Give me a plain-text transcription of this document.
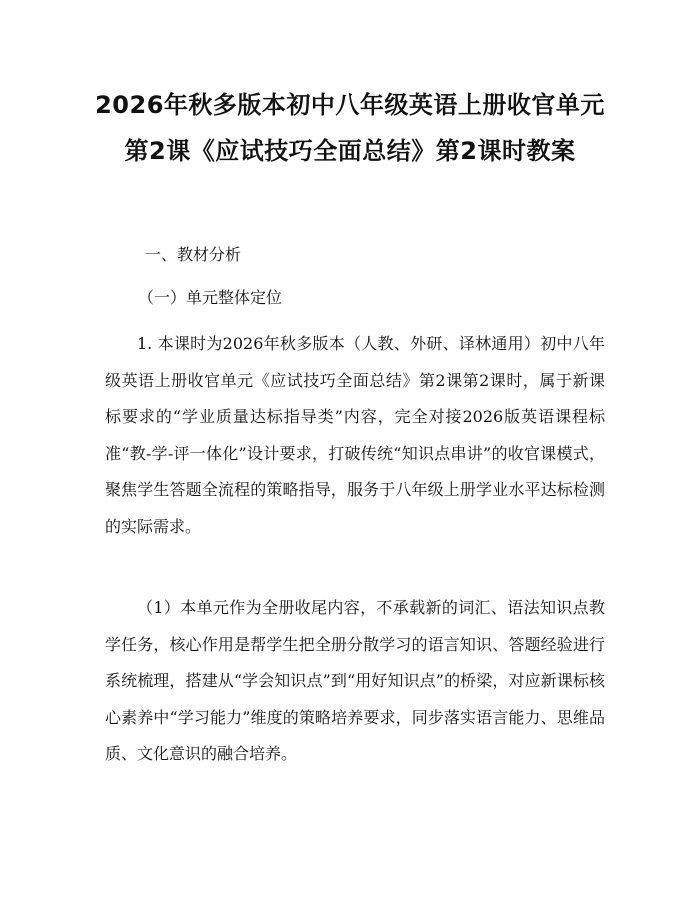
2026年秋多版本初中八年级英语上册收官单元第2课《应试技巧全面总结》第2课时教案

一、教材分析

（一）单元整体定位

1. 本课时为2026年秋多版本（人教、外研、译林通用）初中八年级英语上册收官单元《应试技巧全面总结》第2课第2课时，属于新课标要求的“学业质量达标指导类”内容，完全对接2026版英语课程标准“教-学-评一体化”设计要求，打破传统“知识点串讲”的收官课模式，聚焦学生答题全流程的策略指导，服务于八年级上册学业水平达标检测的实际需求。

（1）本单元作为全册收尾内容，不承载新的词汇、语法知识点教学任务，核心作用是帮学生把全册分散学习的语言知识、答题经验进行系统梳理，搭建从“学会知识点”到“用好知识点”的桥梁，对应新课标核心素养中“学习能力”维度的策略培养要求，同步落实语言能力、思维品质、文化意识的融合培养。
